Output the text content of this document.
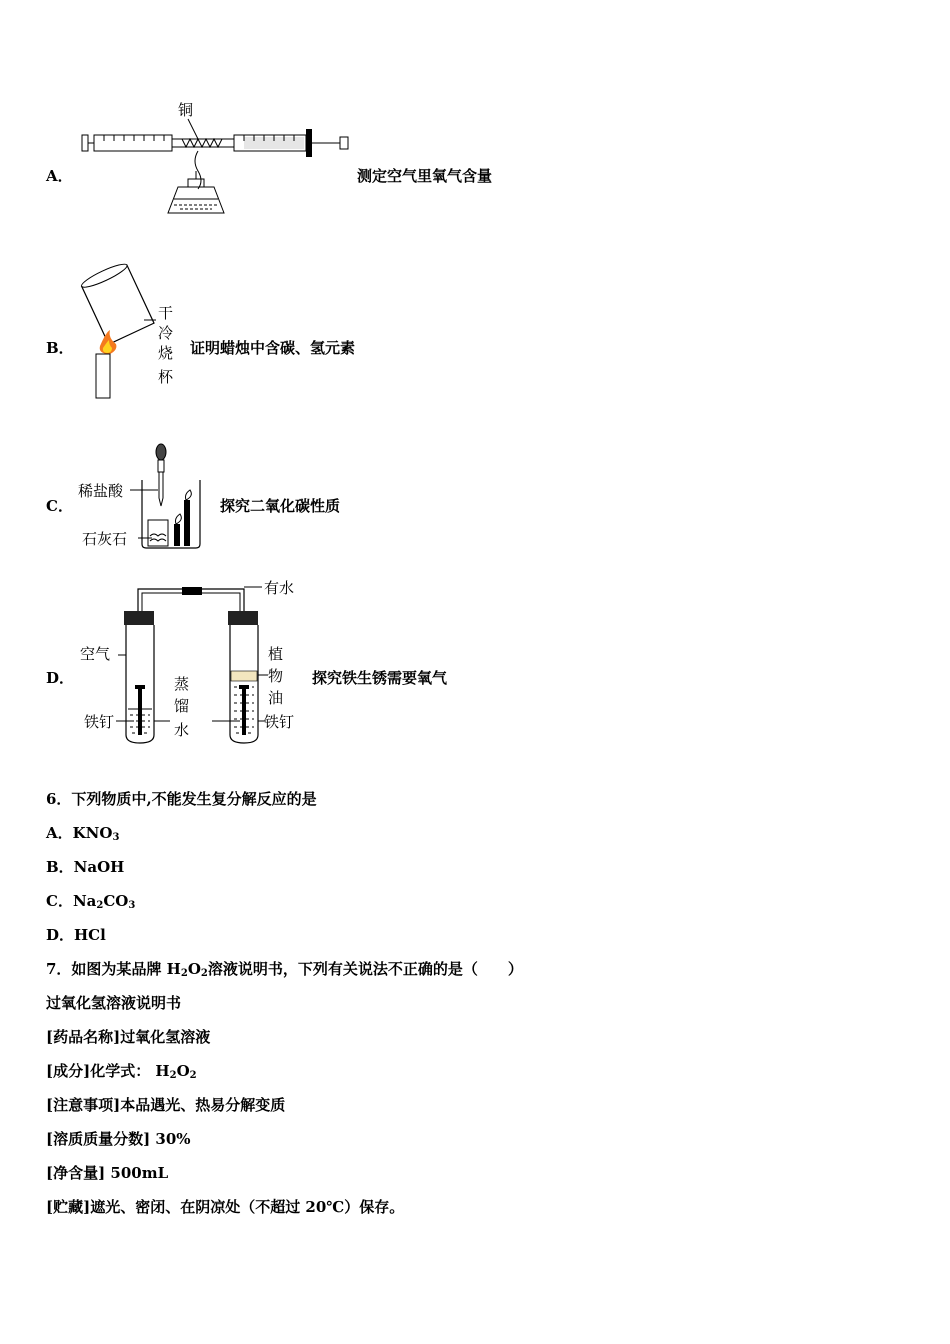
A．
铜
测定空气里氧气含量
B．
干
冷
烧
杯
证明蜡烛中含碳、氢元素
C．
稀盐酸
石灰石
探究二氧化碳性质
D．
有水
空气
铁钉
蒸
馏
水
植
物
油
铁钉
探究铁生锈需要氧气
6．下列物质中,不能发生复分解反应的是
A．$KNO_3$
B．NaOH
C．$Na_2CO_3$
D．HCl
7．如图为某品牌 $H_2O_2$溶液说明书，下列有关说法不正确的是（　　）
过氧化氢溶液说明书
[药品名称]过氧化氢溶液
[成分]化学式： $H_2O_2$
[注意事项]本品遇光、热易分解变质
[溶质质量分数] 30%
[净含量] 500mL
[贮藏]遮光、密闭、在阴凉处（不超过 20℃）保存。
